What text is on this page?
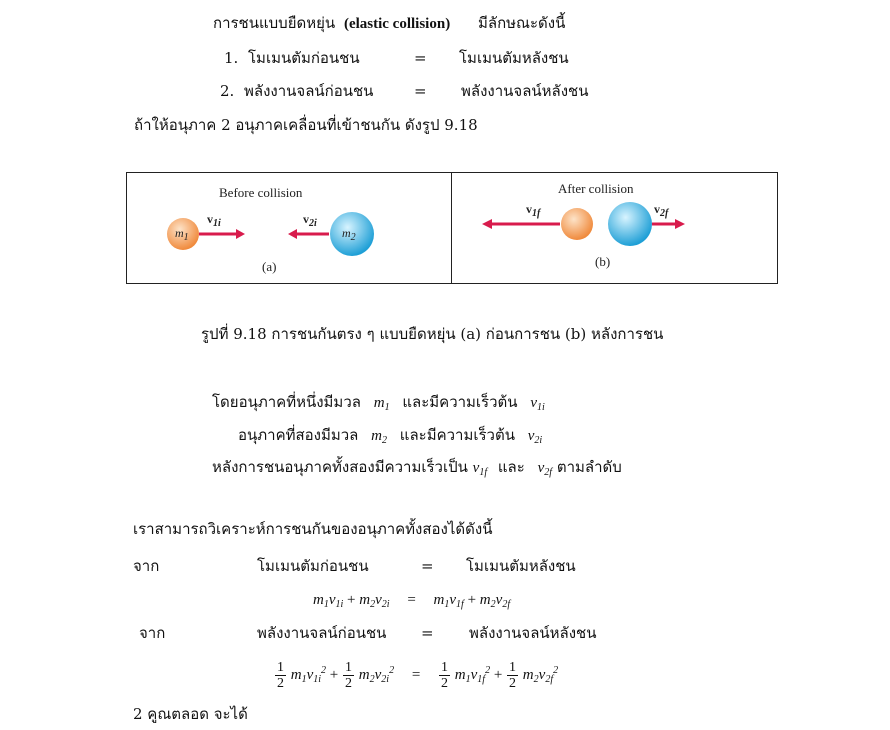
การชนแบบยืดหยุ่น (elastic collision) มีลักษณะดังนี้
1. โมเมนตัมก่อนชน	= โมเมนตัมหลังชน
2. พลังงานจลน์ก่อนชน	= พลังงานจลน์หลังชน
ถ้าให้อนุภาค 2 อนุภาคเคลื่อนที่เข้าชนกัน ดังรูป 9.18
Before collision	After collision
$m_1$	$m_2$
$v_{1i}$	$v_{2i}$
$v_{1f}$	$v_{2f}$
(a)	(b)
รูปที่ 9.18 การชนกันตรง ๆ แบบยืดหยุ่น (a) ก่อนการชน (b) หลังการชน
โดยอนุภาคที่หนึ่งมีมวล $m_1$ และมีความเร็วต้น $v_{1i}$
อนุภาคที่สองมีมวล $m_2$ และมีความเร็วต้น $v_{2i}$
หลังการชนอนุภาคทั้งสองมีความเร็วเป็น $v_{1f}$ และ $v_{2f}$ ตามลำดับ
เราสามารถวิเคราะห์การชนกันของอนุภาคทั้งสองได้ดังนี้
จาก	โมเมนตัมก่อนชน	= โมเมนตัมหลังชน
$m_1v_{1i} + m_2v_{2i} = m_1v_{1f} + m_2v_{2f}$
จาก	พลังงานจลน์ก่อนชน = พลังงานจลน์หลังชน
$\frac{1}{2} m_1v_{1i}^2 + \frac{1}{2} m_2v_{2i}^2 = \frac{1}{2} m_1v_{1f}^2 + \frac{1}{2} m_2v_{2f}^2$
2 คูณตลอด จะได้
